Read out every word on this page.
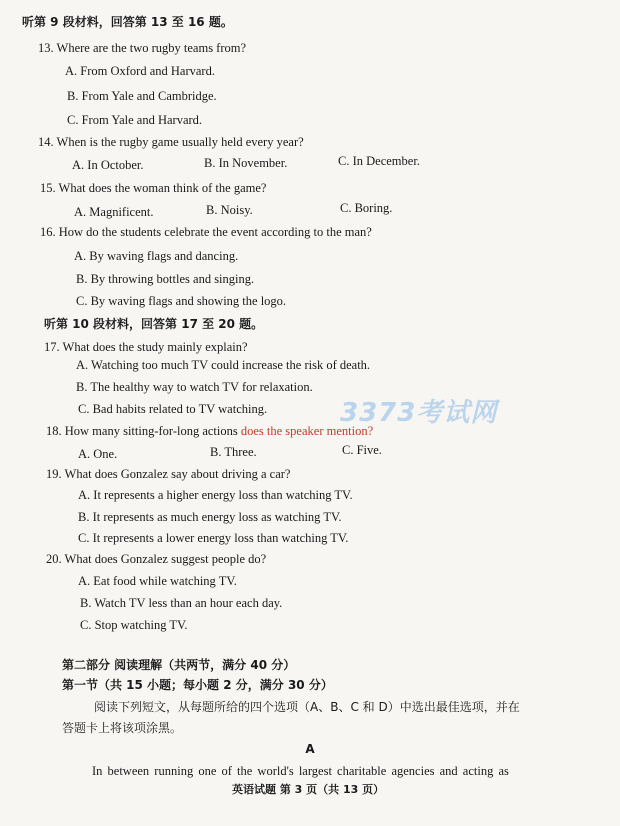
听第 9 段材料，回答第 13 至 16 题。
13. Where are the two rugby teams from?
A. From Oxford and Harvard.
B. From Yale and Cambridge.
C. From Yale and Harvard.
14. When is the rugby game usually held every year?
A. In October.	B. In November.	C. In December.
15. What does the woman think of the game?
A. Magnificent.	B. Noisy.	C. Boring.
16. How do the students celebrate the event according to the man?
A. By waving flags and dancing.
B. By throwing bottles and singing.
C. By waving flags and showing the logo.
听第 10 段材料，回答第 17 至 20 题。
17. What does the study mainly explain?
A. Watching too much TV could increase the risk of death.
B. The healthy way to watch TV for relaxation.
C. Bad habits related to TV watching.	3373考试网
18. How many sitting-for-long actions does the speaker mention?
A. One.	B. Three.	C. Five.
19. What does Gonzalez say about driving a car?
A. It represents a higher energy loss than watching TV.
B. It represents as much energy loss as watching TV.
C. It represents a lower energy loss than watching TV.
20. What does Gonzalez suggest people do?
A. Eat food while watching TV.
B. Watch TV less than an hour each day.
C. Stop watching TV.
第二部分 阅读理解（共两节，满分 40 分）
第一节（共 15 小题；每小题 2 分，满分 30 分）
阅读下列短文，从每题所给的四个选项（A、B、C 和 D）中选出最佳选项，并在
答题卡上将该项涂黑。
A
In between running one of the world's largest charitable agencies and acting as
英语试题 第 3 页（共 13 页）
